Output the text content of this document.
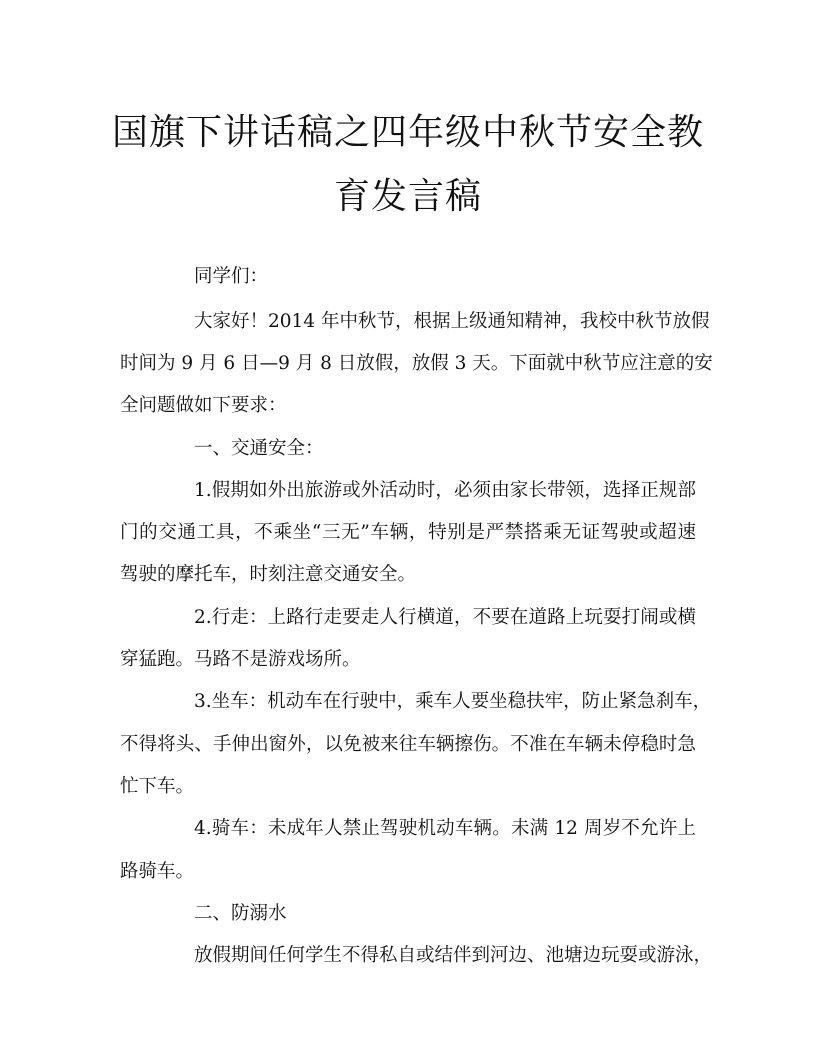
国旗下讲话稿之四年级中秋节安全教
育发言稿

同学们：

大家好！2014 年中秋节，根据上级通知精神，我校中秋节放假

时间为 9 月 6 日—9 月 8 日放假，放假 3 天。下面就中秋节应注意的安

全问题做如下要求：

一、交通安全：

1.假期如外出旅游或外活动时，必须由家长带领，选择正规部

门的交通工具，不乘坐“三无”车辆，特别是严禁搭乘无证驾驶或超速

驾驶的摩托车，时刻注意交通安全。

2.行走：上路行走要走人行横道，不要在道路上玩耍打闹或横

穿猛跑。马路不是游戏场所。

3.坐车：机动车在行驶中，乘车人要坐稳扶牢，防止紧急刹车，

不得将头、手伸出窗外，以免被来往车辆擦伤。不准在车辆未停稳时急

忙下车。

4.骑车：未成年人禁止驾驶机动车辆。未满 12 周岁不允许上

路骑车。

二、防溺水

放假期间任何学生不得私自或结伴到河边、池塘边玩耍或游泳，
